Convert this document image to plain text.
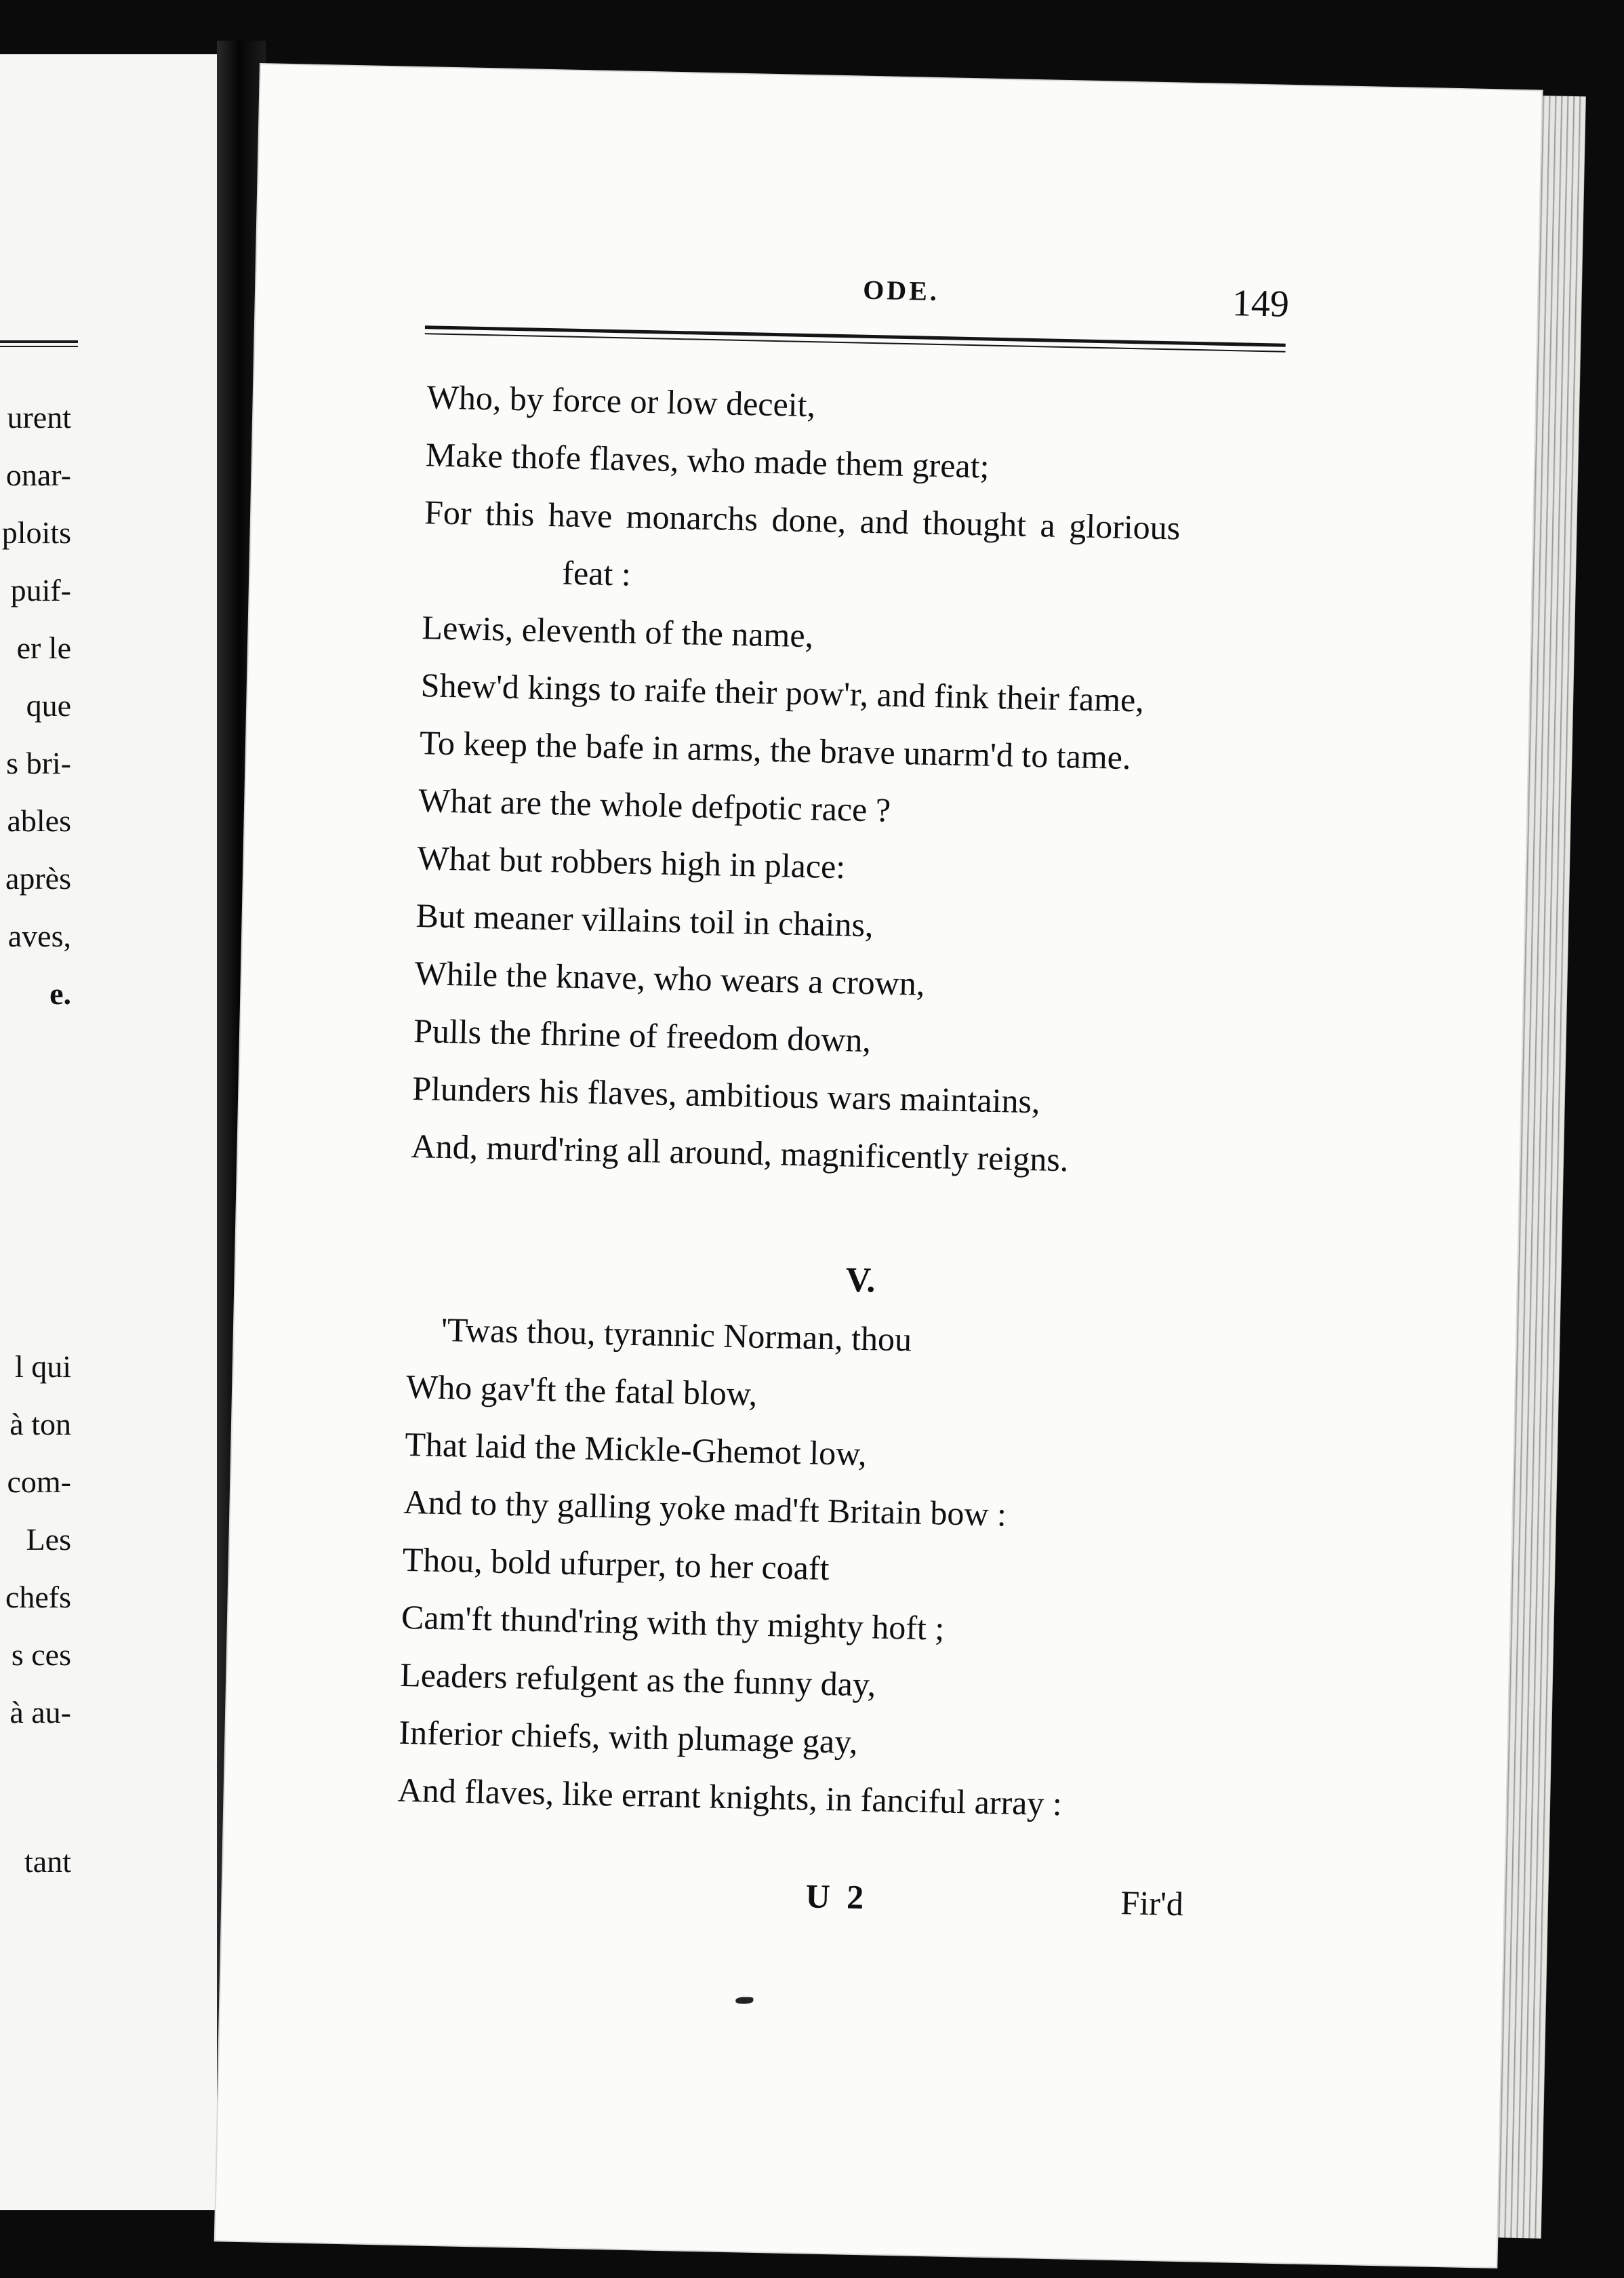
urent
onar-
ploits
puif-
er le
que
s bri-
ables
après
aves,
e.
l qui
à ton
com-
Les
chefs
s ces
à au-
tant
ODE.	149
Who, by force or low deceit,
Make thofe flaves, who made them great;
For this have monarchs done, and thought a glorious
feat :
Lewis, eleventh of the name,
Shew'd kings to raife their pow'r, and fink their fame,
To keep the bafe in arms, the brave unarm'd to tame.
What are the whole defpotic race ?
What but robbers high in place:
But meaner villains toil in chains,
While the knave, who wears a crown,
Pulls the fhrine of freedom down,
Plunders his flaves, ambitious wars maintains,
And, murd'ring all around, magnificently reigns.
V.
'Twas thou, tyrannic Norman, thou
Who gav'ft the fatal blow,
That laid the Mickle-Ghemot low,
And to thy galling yoke mad'ft Britain bow :
Thou, bold ufurper, to her coaft
Cam'ft thund'ring with thy mighty hoft ;
Leaders refulgent as the funny day,
Inferior chiefs, with plumage gay,
And flaves, like errant knights, in fanciful array :
U 2	Fir'd
